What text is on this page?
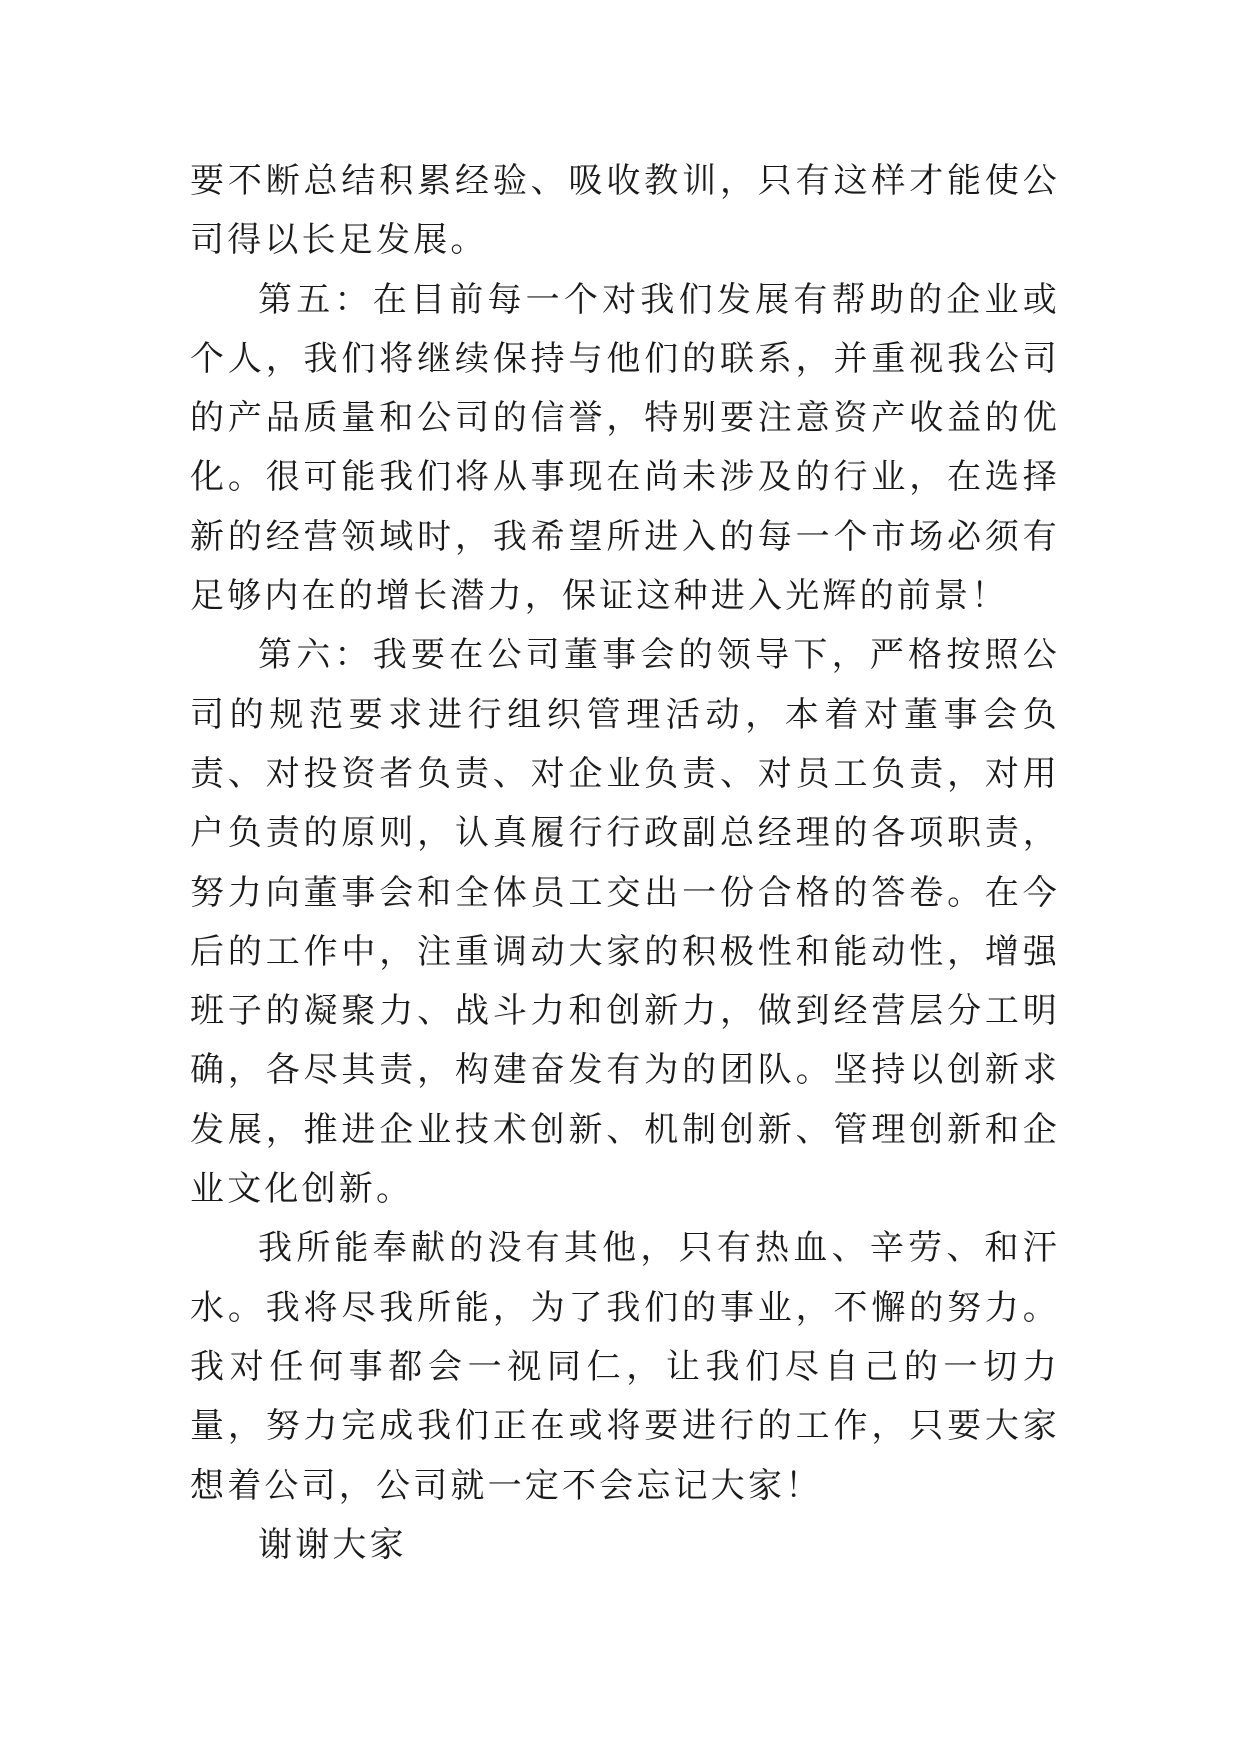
要不断总结积累经验、吸收教训，只有这样才能使公司得以长足发展。

第五：在目前每一个对我们发展有帮助的企业或个人，我们将继续保持与他们的联系，并重视我公司的产品质量和公司的信誉，特别要注意资产收益的优化。很可能我们将从事现在尚未涉及的行业，在选择新的经营领域时，我希望所进入的每一个市场必须有足够内在的增长潜力，保证这种进入光辉的前景！

第六：我要在公司董事会的领导下，严格按照公司的规范要求进行组织管理活动，本着对董事会负责、对投资者负责、对企业负责、对员工负责，对用户负责的原则，认真履行行政副总经理的各项职责，努力向董事会和全体员工交出一份合格的答卷。在今后的工作中，注重调动大家的积极性和能动性，增强班子的凝聚力、战斗力和创新力，做到经营层分工明确，各尽其责，构建奋发有为的团队。坚持以创新求发展，推进企业技术创新、机制创新、管理创新和企业文化创新。

我所能奉献的没有其他，只有热血、辛劳、和汗水。我将尽我所能，为了我们的事业，不懈的努力。我对任何事都会一视同仁，让我们尽自己的一切力量，努力完成我们正在或将要进行的工作，只要大家想着公司，公司就一定不会忘记大家！

谢谢大家
